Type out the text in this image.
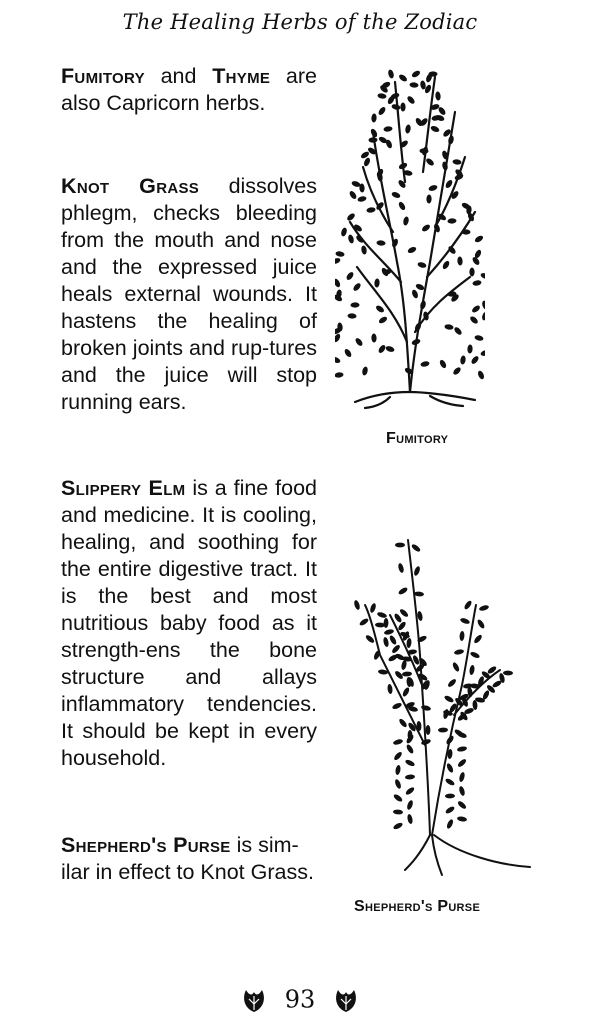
The Healing Herbs of the Zodiac

Fumitory and Thyme are also Capricorn herbs.

Knot Grass dissolves phlegm, checks bleeding from the mouth and nose and the expressed juice heals external wounds. It hastens the healing of broken joints and rup-tures and the juice will stop running ears.

Slippery Elm is a fine food and medicine. It is cooling, healing, and soothing for the entire digestive tract. It is the best and most nutritious baby food as it strength-ens the bone structure and allays inflammatory tendencies. It should be kept in every household.

Shepherd's Purse is sim-ilar in effect to Knot Grass.

Fumitory
Shepherd's Purse
93
